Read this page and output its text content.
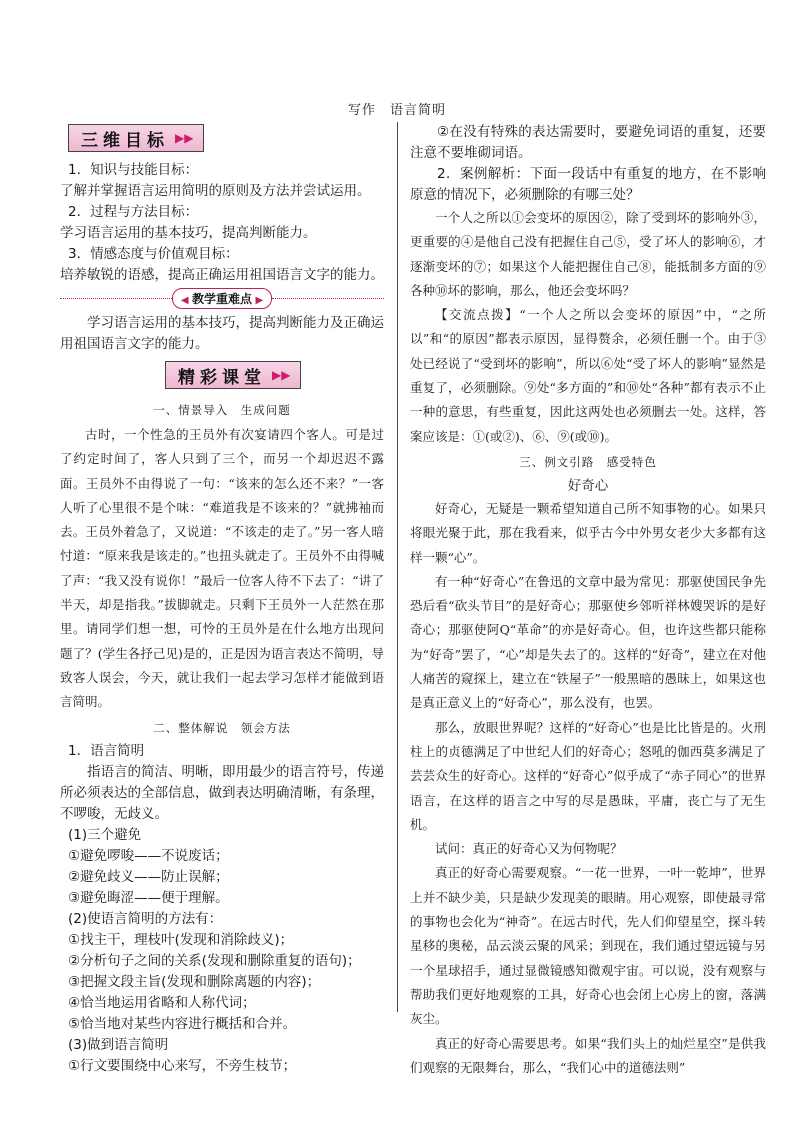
写作　语言简明
三维目标 ▶▶

1．知识与技能目标：

了解并掌握语言运用简明的原则及方法并尝试运用。

2．过程与方法目标：

学习语言运用的基本技巧，提高判断能力。

3．情感态度与价值观目标：

培养敏锐的语感，提高正确运用祖国语言文字的能力。

◀ 教学重难点 ▶

学习语言运用的基本技巧，提高判断能力及正确运用祖国语言文字的能力。

精彩课堂 ▶▶
一、情景导入　生成问题

古时，一个性急的王员外有次宴请四个客人。可是过了约定时间了，客人只到了三个，而另一个却迟迟不露面。王员外不由得说了一句：“该来的怎么还不来？”一客人听了心里很不是个味：“难道我是不该来的？”就拂袖而去。王员外着急了，又说道：“不该走的走了。”另一客人暗忖道：“原来我是该走的。”也扭头就走了。王员外不由得喊了声：“我又没有说你！”最后一位客人待不下去了：“讲了半天，却是指我。”拔脚就走。只剩下王员外一人茫然在那里。请同学们想一想，可怜的王员外是在什么地方出现问题了？(学生各抒己见)是的，正是因为语言表达不简明，导致客人误会，今天，就让我们一起去学习怎样才能做到语言简明。

二、整体解说　领会方法

1．语言简明

指语言的简洁、明晰，即用最少的语言符号，传递所必须表达的全部信息，做到表达明确清晰，有条理，不啰唆，无歧义。

(1)三个避免

①避免啰唆——不说废话；

②避免歧义——防止误解；

③避免晦涩——便于理解。

(2)使语言简明的方法有：

①找主干，理枝叶(发现和消除歧义)；

②分析句子之间的关系(发现和删除重复的语句)；

③把握文段主旨(发现和删除离题的内容)；

④恰当地运用省略和人称代词；

⑤恰当地对某些内容进行概括和合并。

(3)做到语言简明

①行文要围绕中心来写，不旁生枝节；

②在没有特殊的表达需要时，要避免词语的重复，还要注意不要堆砌词语。

2．案例解析：下面一段话中有重复的地方，在不影响原意的情况下，必须删除的有哪三处？

一个人之所以①会变坏的原因②，除了受到坏的影响外③，更重要的④是他自己没有把握住自己⑤，受了坏人的影响⑥，才逐渐变坏的⑦；如果这个人能把握住自己⑧，能抵制多方面的⑨各种⑩坏的影响，那么，他还会变坏吗？

【交流点拨】“一个人之所以会变坏的原因”中，“之所以”和“的原因”都表示原因，显得赘余，必须任删一个。由于③处已经说了“受到坏的影响”，所以⑥处“受了坏人的影响”显然是重复了，必须删除。⑨处“多方面的”和⑩处“各种”都有表示不止一种的意思，有些重复，因此这两处也必须删去一处。这样，答案应该是：①(或②)、⑥、⑨(或⑩)。

三、例文引路　感受特色
好奇心

好奇心，无疑是一颗希望知道自己所不知事物的心。如果只将眼光聚于此，那在我看来，似乎古今中外男女老少大多都有这样一颗“心”。

有一种“好奇心”在鲁迅的文章中最为常见：那驱使国民争先恐后看“砍头节目”的是好奇心；那驱使乡邻听祥林嫂哭诉的是好奇心；那驱使阿Q“革命”的亦是好奇心。但，也许这些都只能称为“好奇”罢了，“心”却是失去了的。这样的“好奇”，建立在对他人痛苦的窥探上，建立在“铁屋子”一般黑暗的愚昧上，如果这也是真正意义上的“好奇心”，那么没有，也罢。

那么，放眼世界呢？这样的“好奇心”也是比比皆是的。火刑柱上的贞德满足了中世纪人们的好奇心；怒吼的伽西莫多满足了芸芸众生的好奇心。这样的“好奇心”似乎成了“赤子同心”的世界语言，在这样的语言之中写的尽是愚昧，平庸，丧亡与了无生机。

试问：真正的好奇心又为何物呢？

真正的好奇心需要观察。“一花一世界，一叶一乾坤”，世界上并不缺少美，只是缺少发现美的眼睛。用心观察，即使最寻常的事物也会化为“神奇”。在远古时代，先人们仰望星空，探斗转星移的奥秘，品云淡云聚的风采；到现在，我们通过望远镜与另一个星球招手，通过显微镜感知微观宇宙。可以说，没有观察与帮助我们更好地观察的工具，好奇心也会闭上心房上的窗，落满灰尘。

真正的好奇心需要思考。如果“我们头上的灿烂星空”是供我们观察的无限舞台，那么，“我们心中的道德法则”
